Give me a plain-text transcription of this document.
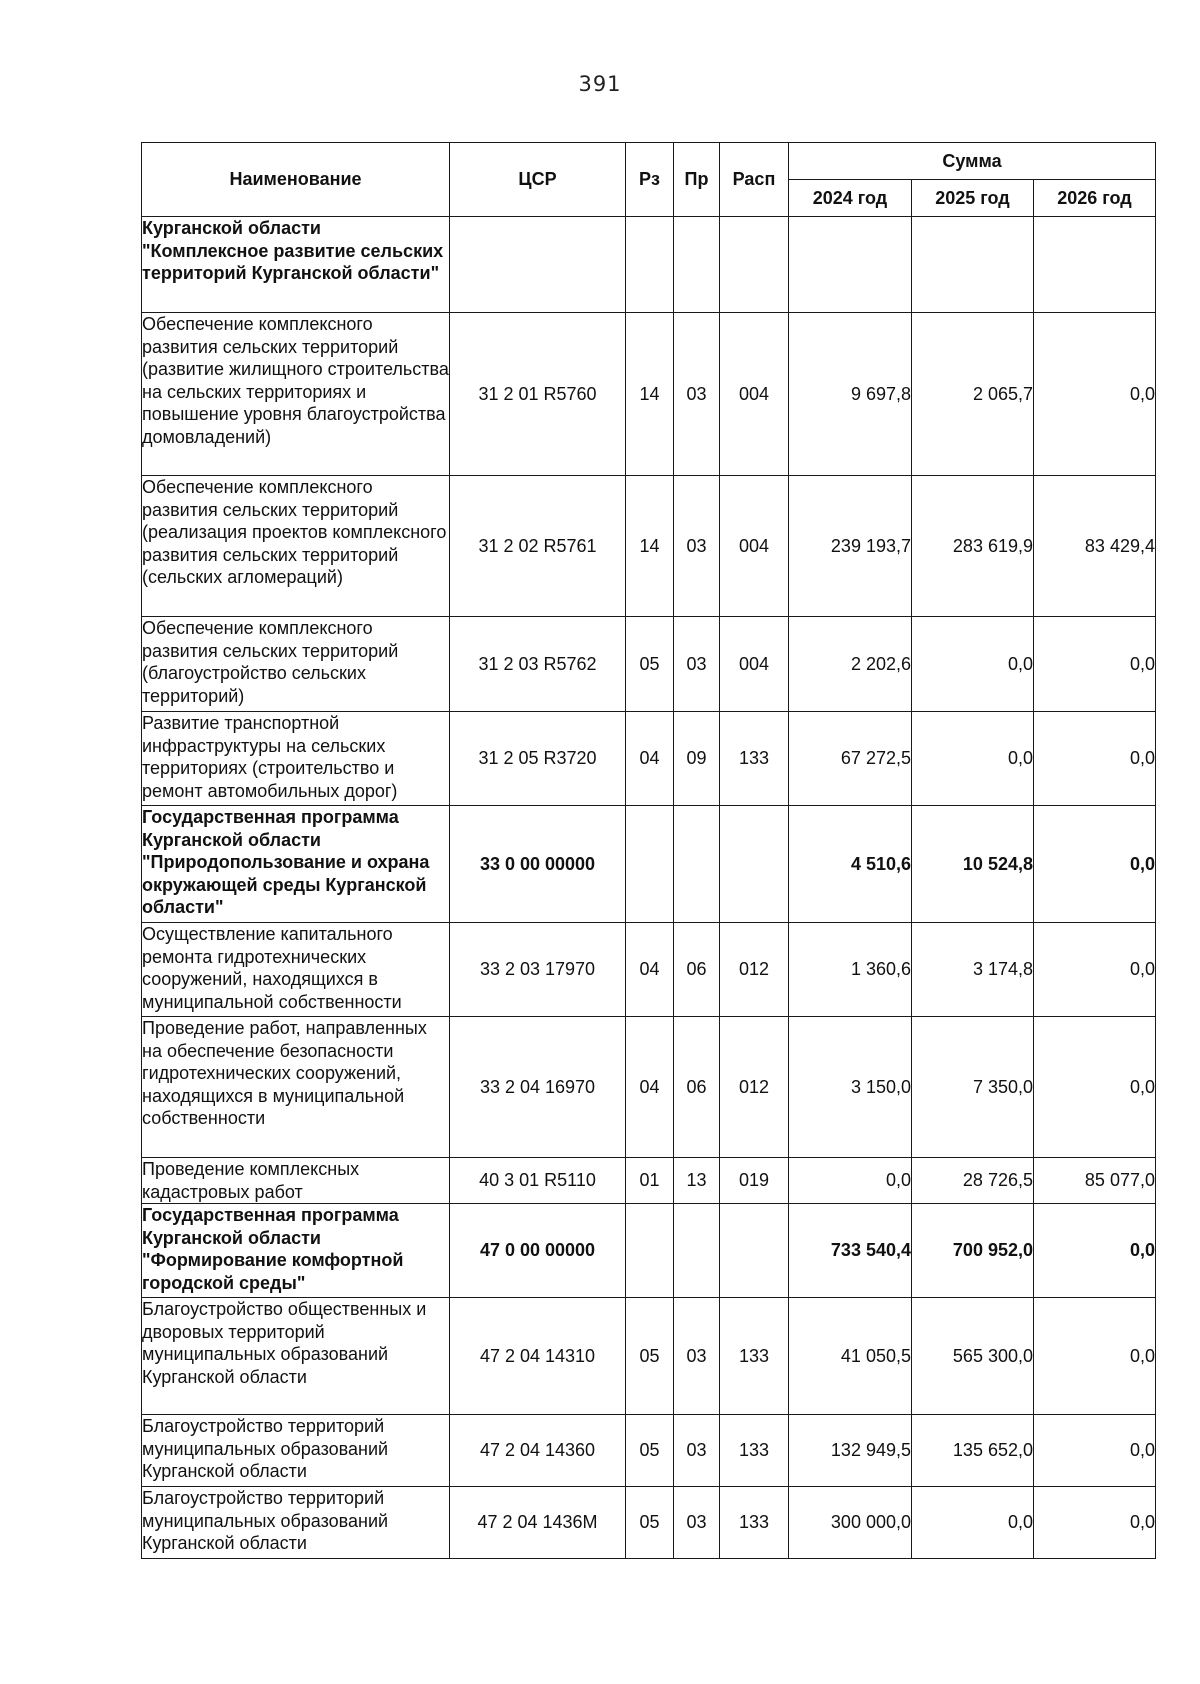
391
Наименование	ЦСР	Рз	Пр	Расп	Сумма		
					2024 год	2025 год	2026 год
Курганской области "Комплексное развитие сельских территорий Курганской области"							
Обеспечение комплексного развития сельских территорий (развитие жилищного строительства на сельских территориях и повышение уровня благоустройства домовладений)	31 2 01 R5760	14	03	004	9 697,8	2 065,7	0,0
Обеспечение комплексного развития сельских территорий (реализация проектов комплексного развития сельских территорий (сельских агломераций)	31 2 02 R5761	14	03	004	239 193,7	283 619,9	83 429,4
Обеспечение комплексного развития сельских территорий (благоустройство сельских территорий)	31 2 03 R5762	05	03	004	2 202,6	0,0	0,0
Развитие транспортной инфраструктуры на сельских территориях (строительство и ремонт автомобильных дорог)	31 2 05 R3720	04	09	133	67 272,5	0,0	0,0
Государственная программа Курганской области "Природопользование и охрана окружающей среды Курганской области"	33 0 00 00000				4 510,6	10 524,8	0,0
Осуществление капитального ремонта гидротехнических сооружений, находящихся в муниципальной собственности	33 2 03 17970	04	06	012	1 360,6	3 174,8	0,0
Проведение работ, направленных на обеспечение безопасности гидротехнических сооружений, находящихся в муниципальной собственности	33 2 04 16970	04	06	012	3 150,0	7 350,0	0,0
Проведение комплексных кадастровых работ	40 3 01 R5110	01	13	019	0,0	28 726,5	85 077,0
Государственная программа Курганской области "Формирование комфортной городской среды"	47 0 00 00000				733 540,4	700 952,0	0,0
Благоустройство общественных и дворовых территорий муниципальных образований Курганской области	47 2 04 14310	05	03	133	41 050,5	565 300,0	0,0
Благоустройство территорий муниципальных образований Курганской области	47 2 04 14360	05	03	133	132 949,5	135 652,0	0,0
Благоустройство территорий муниципальных образований Курганской области	47 2 04 1436M	05	03	133	300 000,0	0,0	0,0
